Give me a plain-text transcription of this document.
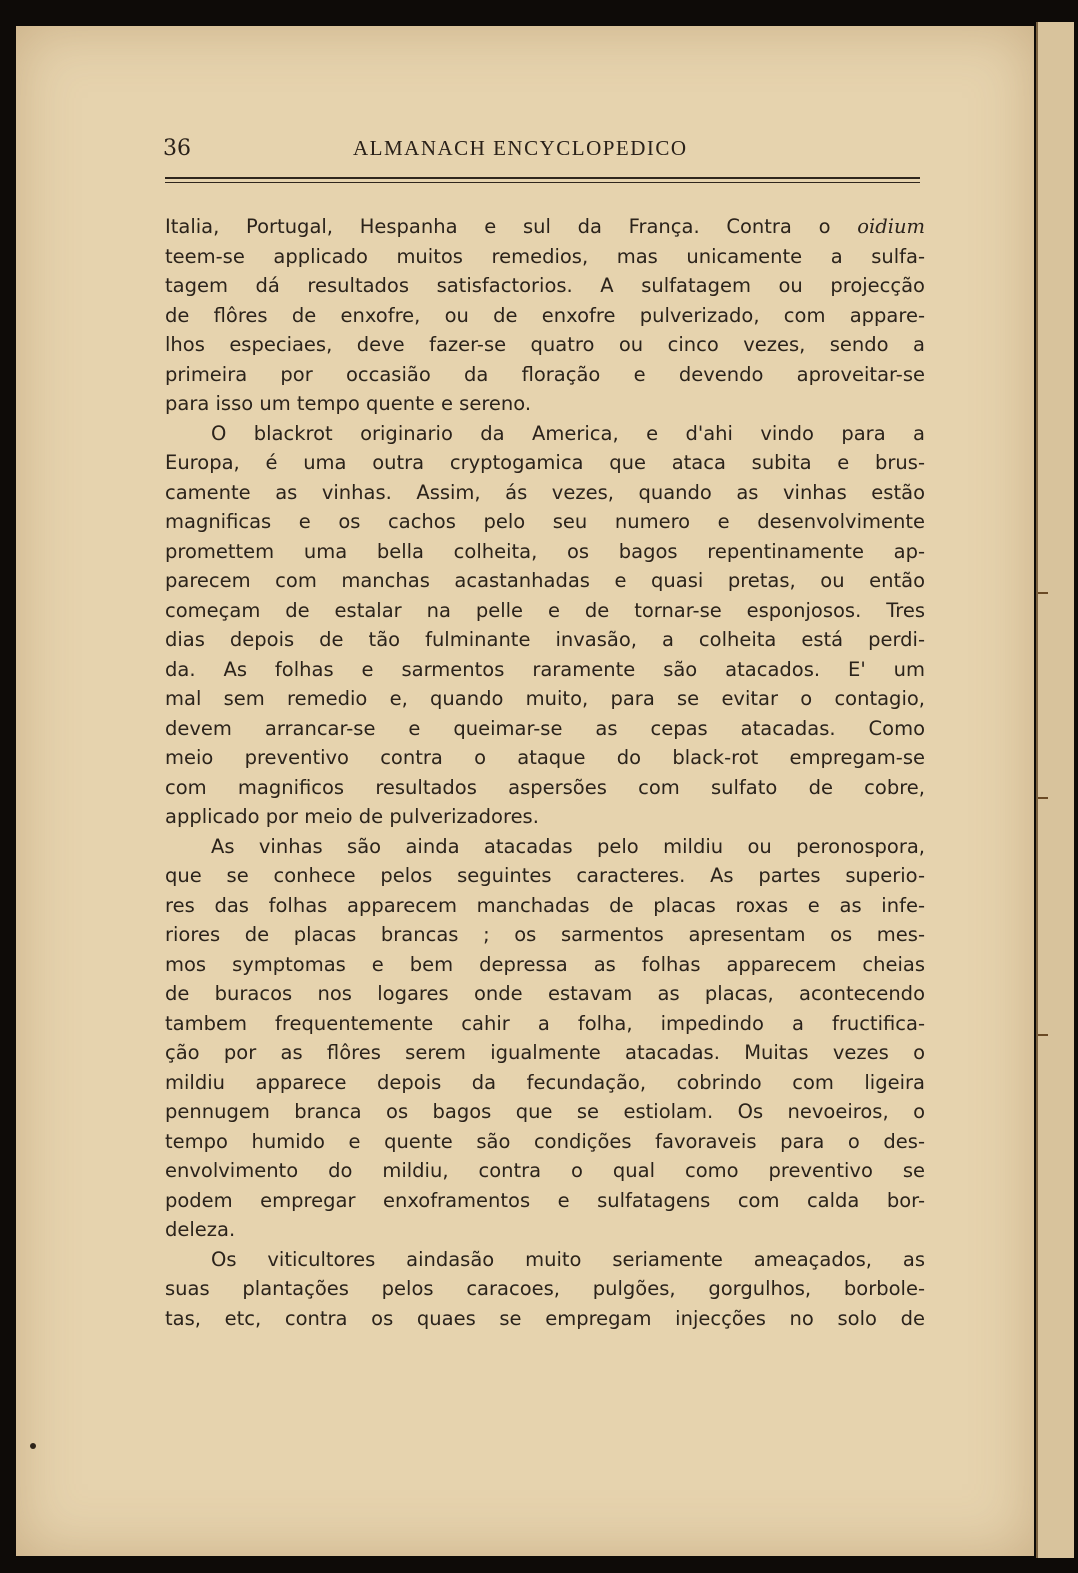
36	ALMANACH ENCYCLOPEDICO
Italia, Portugal, Hespanha e sul da França. Contra o oidium
teem-se applicado muitos remedios, mas unicamente a sulfa-
tagem dá resultados satisfactorios. A sulfatagem ou projecção
de flôres de enxofre, ou de enxofre pulverizado, com appare-
lhos especiaes, deve fazer-se quatro ou cinco vezes, sendo a
primeira por occasião da floração e devendo aproveitar-se
para isso um tempo quente e sereno.
O blackrot originario da America, e d'ahi vindo para a
Europa, é uma outra cryptogamica que ataca subita e brus-
camente as vinhas. Assim, ás vezes, quando as vinhas estão
magnificas e os cachos pelo seu numero e desenvolvimente
promettem uma bella colheita, os bagos repentinamente ap-
parecem com manchas acastanhadas e quasi pretas, ou então
começam de estalar na pelle e de tornar-se esponjosos. Tres
dias depois de tão fulminante invasão, a colheita está perdi-
da. As folhas e sarmentos raramente são atacados. E' um
mal sem remedio e, quando muito, para se evitar o contagio,
devem arrancar-se e queimar-se as cepas atacadas. Como
meio preventivo contra o ataque do black-rot empregam-se
com magnificos resultados aspersões com sulfato de cobre,
applicado por meio de pulverizadores.
As vinhas são ainda atacadas pelo mildiu ou peronospora,
que se conhece pelos seguintes caracteres. As partes superio-
res das folhas apparecem manchadas de placas roxas e as infe-
riores de placas brancas ; os sarmentos apresentam os mes-
mos symptomas e bem depressa as folhas apparecem cheias
de buracos nos logares onde estavam as placas, acontecendo
tambem frequentemente cahir a folha, impedindo a fructifica-
ção por as flôres serem igualmente atacadas. Muitas vezes o
mildiu apparece depois da fecundação, cobrindo com ligeira
pennugem branca os bagos que se estiolam. Os nevoeiros, o
tempo humido e quente são condições favoraveis para o des-
envolvimento do mildiu, contra o qual como preventivo se
podem empregar enxoframentos e sulfatagens com calda bor-
deleza.
Os viticultores aindasão muito seriamente ameaçados, as
suas plantações pelos caracoes, pulgões, gorgulhos, borbole-
tas, etc, contra os quaes se empregam injecções no solo de
